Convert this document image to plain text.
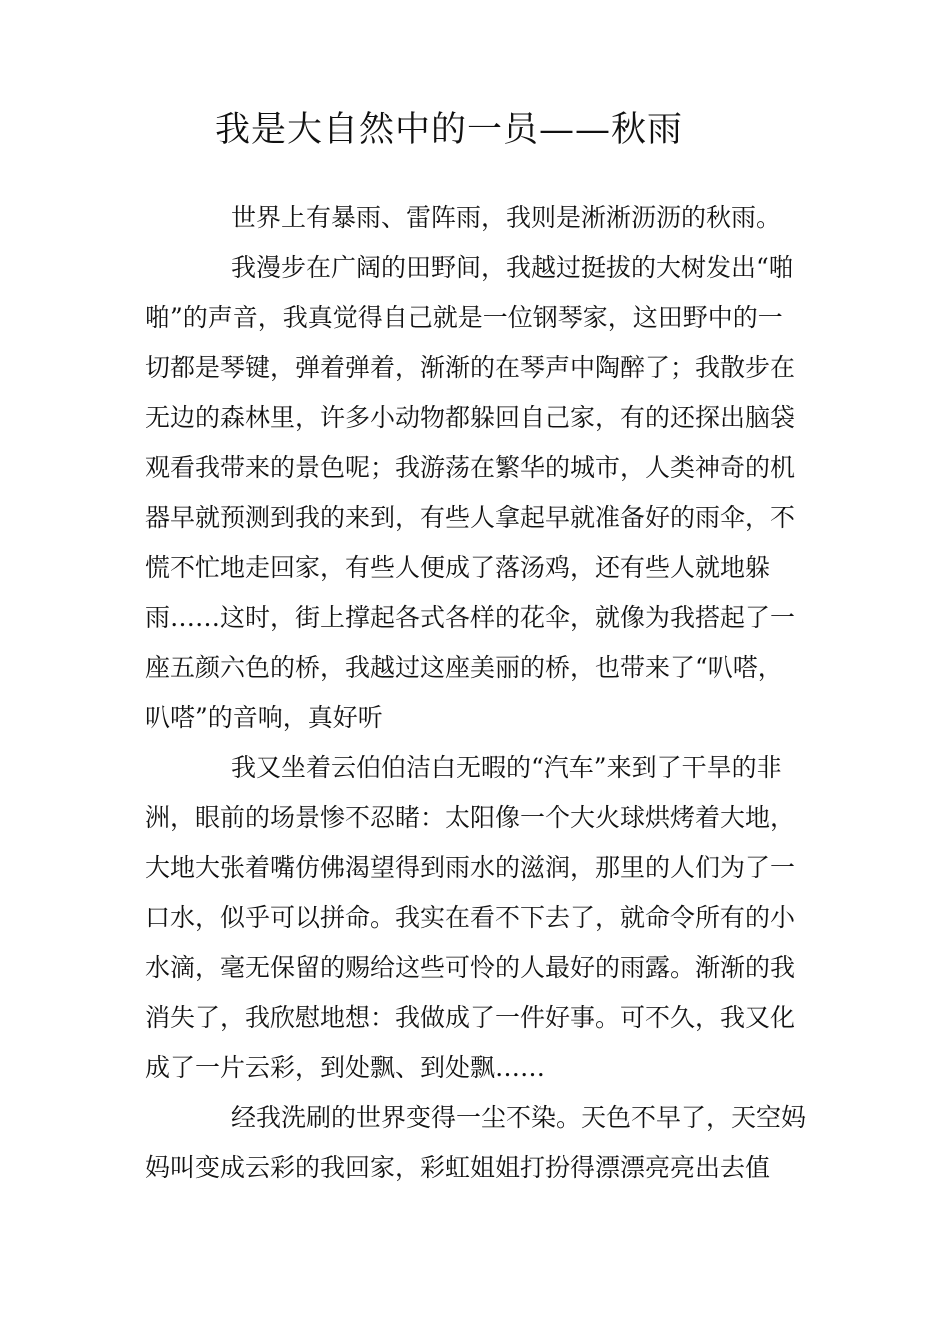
我是大自然中的一员——秋雨
世界上有暴雨、雷阵雨，我则是淅淅沥沥的秋雨。
我漫步在广阔的田野间，我越过挺拔的大树发出“啪
啪”的声音，我真觉得自己就是一位钢琴家，这田野中的一
切都是琴键，弹着弹着，渐渐的在琴声中陶醉了；我散步在
无边的森林里，许多小动物都躲回自己家，有的还探出脑袋
观看我带来的景色呢；我游荡在繁华的城市，人类神奇的机
器早就预测到我的来到，有些人拿起早就准备好的雨伞，不
慌不忙地走回家，有些人便成了落汤鸡，还有些人就地躲
雨……这时，街上撑起各式各样的花伞，就像为我搭起了一
座五颜六色的桥，我越过这座美丽的桥，也带来了“叭嗒，
叭嗒”的音响，真好听
我又坐着云伯伯洁白无暇的“汽车”来到了干旱的非
洲，眼前的场景惨不忍睹：太阳像一个大火球烘烤着大地，
大地大张着嘴仿佛渴望得到雨水的滋润，那里的人们为了一
口水，似乎可以拼命。我实在看不下去了，就命令所有的小
水滴，毫无保留的赐给这些可怜的人最好的雨露。渐渐的我
消失了，我欣慰地想：我做成了一件好事。可不久，我又化
成了一片云彩，到处飘、到处飘……
经我洗刷的世界变得一尘不染。天色不早了，天空妈
妈叫变成云彩的我回家，彩虹姐姐打扮得漂漂亮亮出去值
